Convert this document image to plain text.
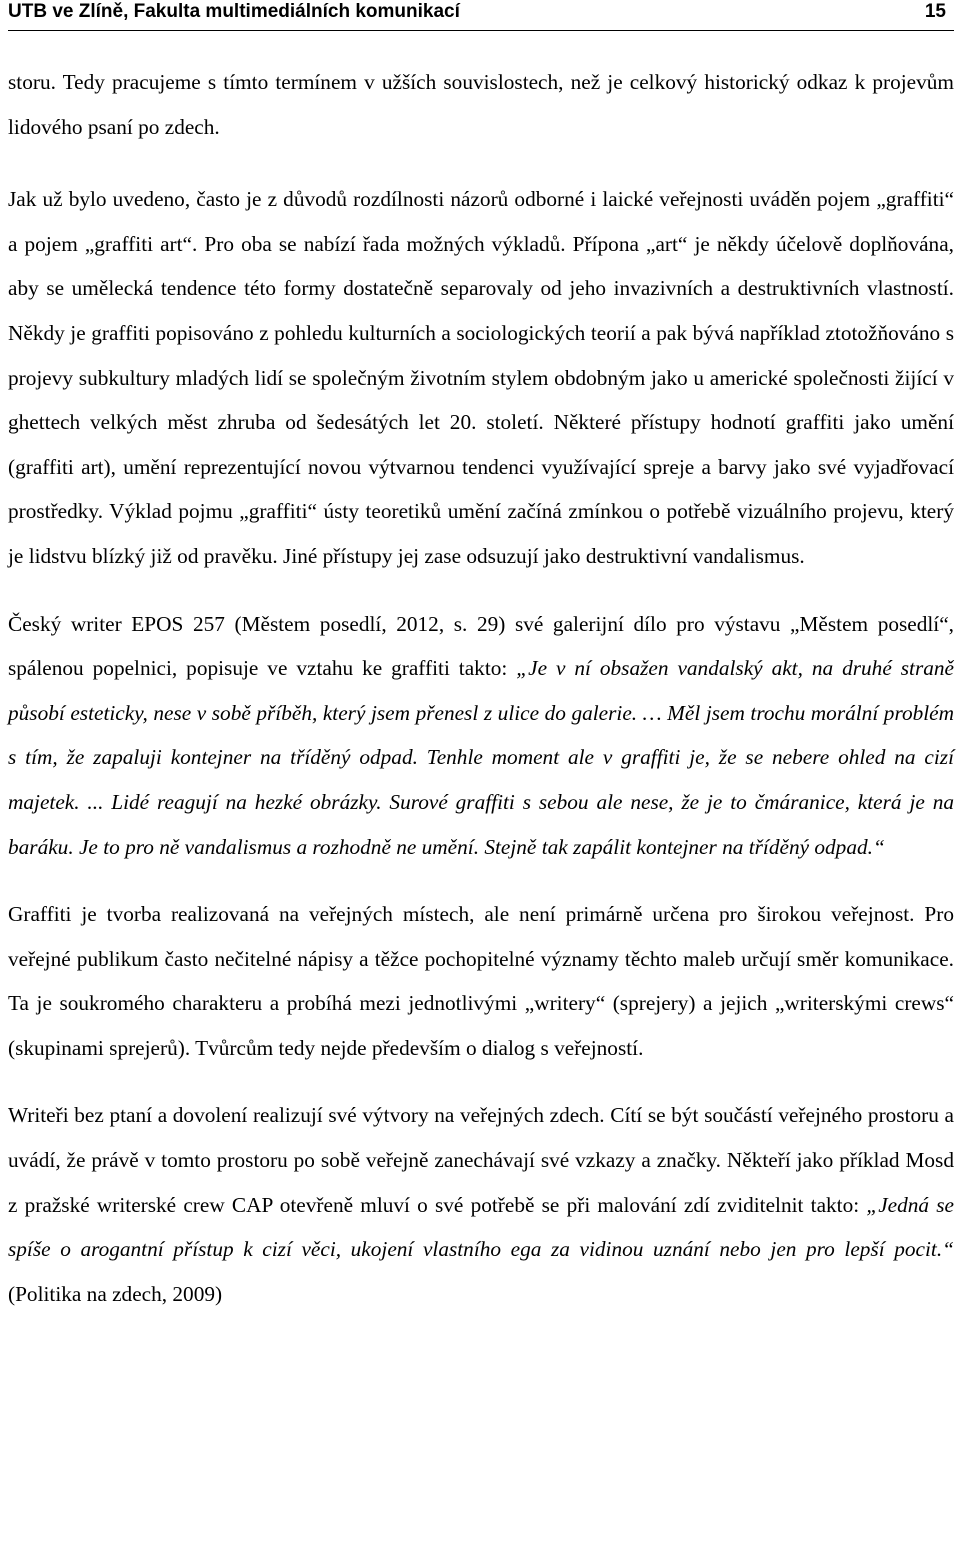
UTB ve Zlíně, Fakulta multimediálních komunikací	15

storu. Tedy pracujeme s tímto termínem v užších souvislostech, než je celkový historický odkaz k projevům lidového psaní po zdech.

Jak už bylo uvedeno, často je z důvodů rozdílnosti názorů odborné i laické veřejnosti uváděn pojem „graffiti“ a pojem „graffiti art“. Pro oba se nabízí řada možných výkladů. Přípona „art“ je někdy účelově doplňována, aby se umělecká tendence této formy dostatečně separovaly od jeho invazivních a destruktivních vlastností. Někdy je graffiti popisováno z pohledu kulturních a sociologických teorií a pak bývá například ztotožňováno s projevy subkultury mladých lidí se společným životním stylem obdobným jako u americké společnosti žijící v ghettech velkých měst zhruba od šedesátých let 20. století. Některé přístupy hodnotí graffiti jako umění (graffiti art), umění reprezentující novou výtvarnou tendenci využívající spreje a barvy jako své vyjadřovací prostředky. Výklad pojmu „graffiti“ ústy teoretiků umění začíná zmínkou o potřebě vizuálního projevu, který je lidstvu blízký již od pravěku. Jiné přístupy jej zase odsuzují jako destruktivní vandalismus.

Český writer EPOS 257 (Městem posedlí, 2012, s. 29) své galerijní dílo pro výstavu „Městem posedlí“, spálenou popelnici, popisuje ve vztahu ke graffiti takto: „Je v ní obsažen vandalský akt, na druhé straně působí esteticky, nese v sobě příběh, který jsem přenesl z ulice do galerie. … Měl jsem trochu morální problém s tím, že zapaluji kontejner na tříděný odpad. Tenhle moment ale v graffiti je, že se nebere ohled na cizí majetek. ... Lidé reagují na hezké obrázky. Surové graffiti s sebou ale nese, že je to čmáranice, která je na baráku. Je to pro ně vandalismus a rozhodně ne umění. Stejně tak zapálit kontejner na tříděný odpad.“

Graffiti je tvorba realizovaná na veřejných místech, ale není primárně určena pro širokou veřejnost. Pro veřejné publikum často nečitelné nápisy a těžce pochopitelné významy těchto maleb určují směr komunikace. Ta je soukromého charakteru a probíhá mezi jednotlivými „writery“ (sprejery) a jejich „writerskými crews“ (skupinami sprejerů). Tvůrcům tedy nejde především o dialog s veřejností.

Writeři bez ptaní a dovolení realizují své výtvory na veřejných zdech. Cítí se být součástí veřejného prostoru a uvádí, že právě v tomto prostoru po sobě veřejně zanechávají své vzkazy a značky. Někteří jako příklad Mosd z pražské writerské crew CAP otevřeně mluví o své potřebě se při malování zdí zviditelnit takto: „Jedná se spíše o arogantní přístup k cizí věci, ukojení vlastního ega za vidinou uznání nebo jen pro lepší pocit.“ (Politika na zdech, 2009)
